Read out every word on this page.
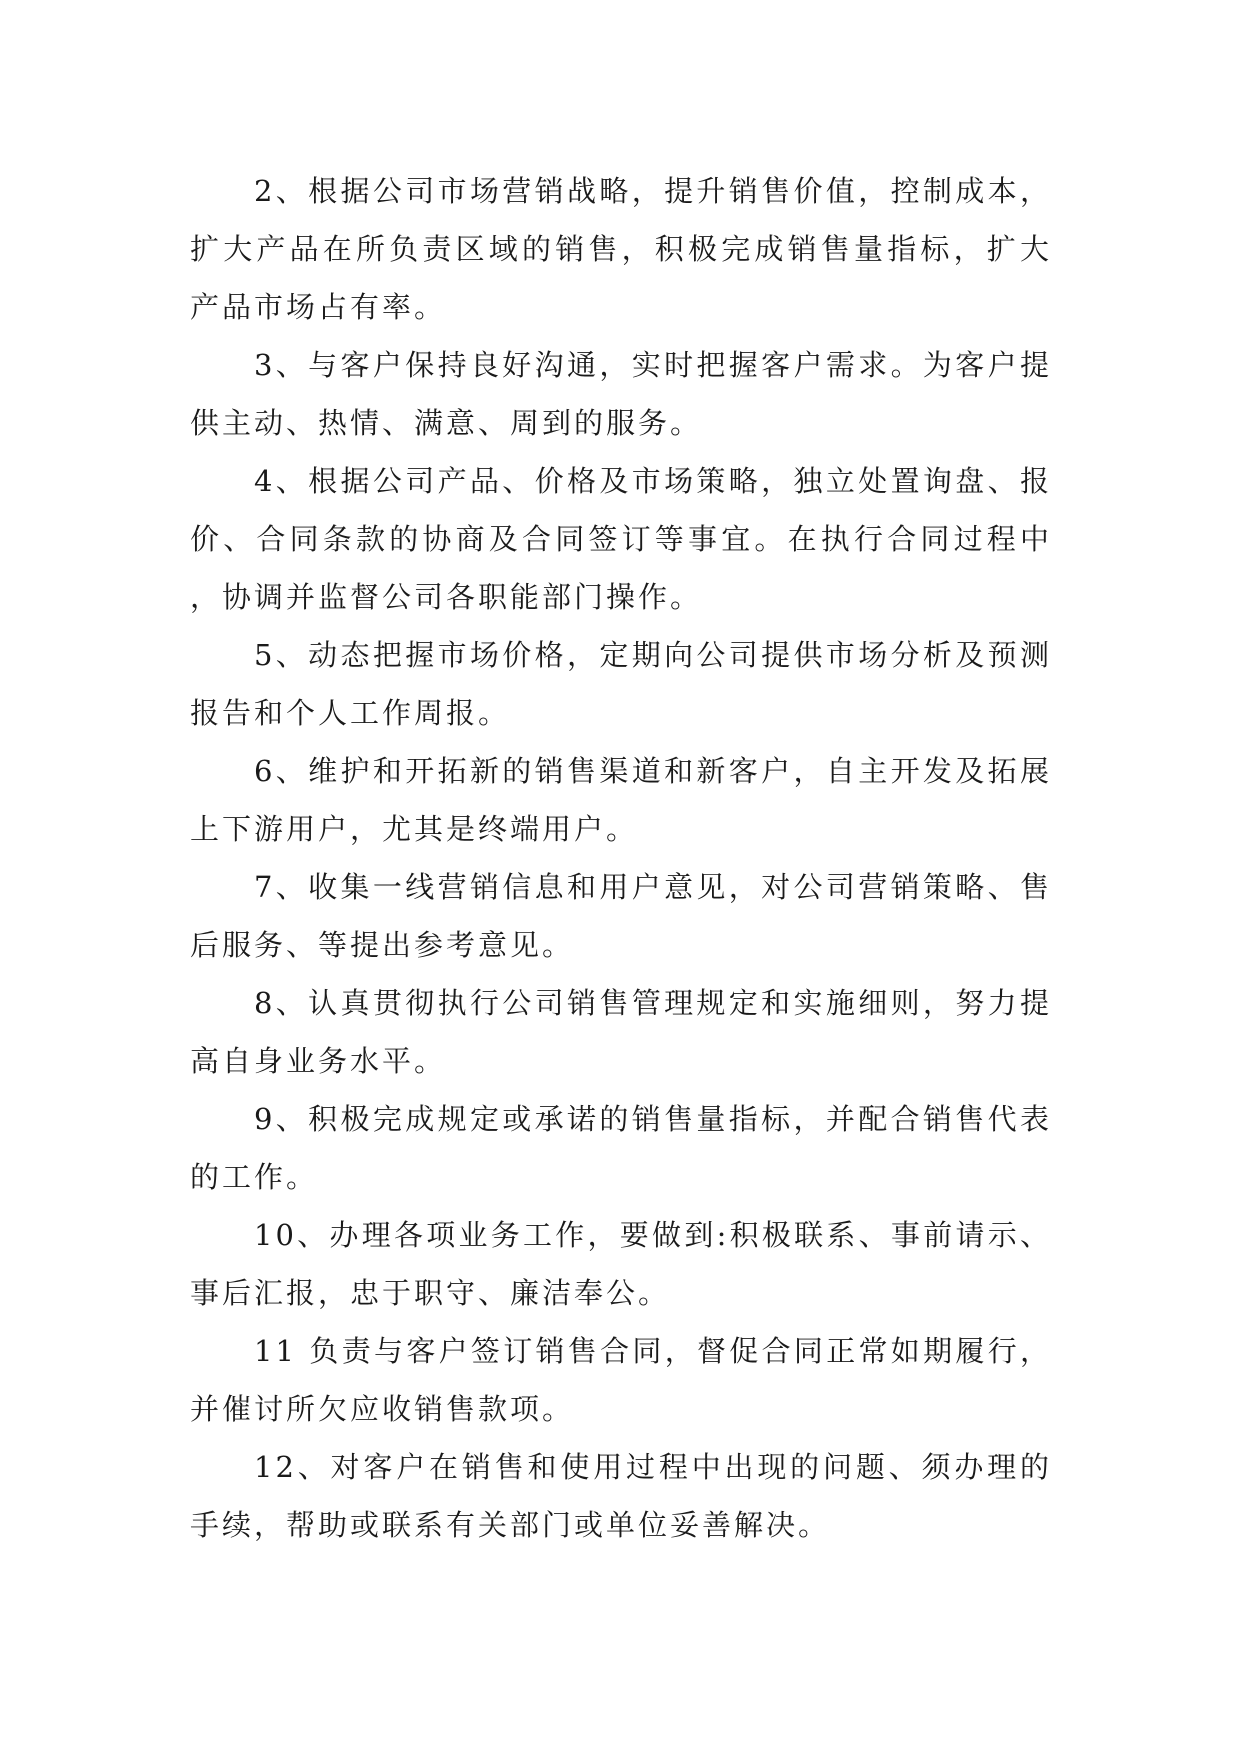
2、根据公司市场营销战略，提升销售价值，控制成本，扩大产品在所负责区域的销售，积极完成销售量指标，扩大产品市场占有率。

3、与客户保持良好沟通，实时把握客户需求。为客户提供主动、热情、满意、周到的服务。

4、根据公司产品、价格及市场策略，独立处置询盘、报价、合同条款的协商及合同签订等事宜。在执行合同过程中，协调并监督公司各职能部门操作。

5、动态把握市场价格，定期向公司提供市场分析及预测报告和个人工作周报。

6、维护和开拓新的销售渠道和新客户，自主开发及拓展上下游用户，尤其是终端用户。

7、收集一线营销信息和用户意见，对公司营销策略、售后服务、等提出参考意见。

8、认真贯彻执行公司销售管理规定和实施细则，努力提高自身业务水平。

9、积极完成规定或承诺的销售量指标，并配合销售代表的工作。

10、办理各项业务工作，要做到:积极联系、事前请示、事后汇报，忠于职守、廉洁奉公。

11 负责与客户签订销售合同，督促合同正常如期履行，并催讨所欠应收销售款项。

12、对客户在销售和使用过程中出现的问题、须办理的手续，帮助或联系有关部门或单位妥善解决。
